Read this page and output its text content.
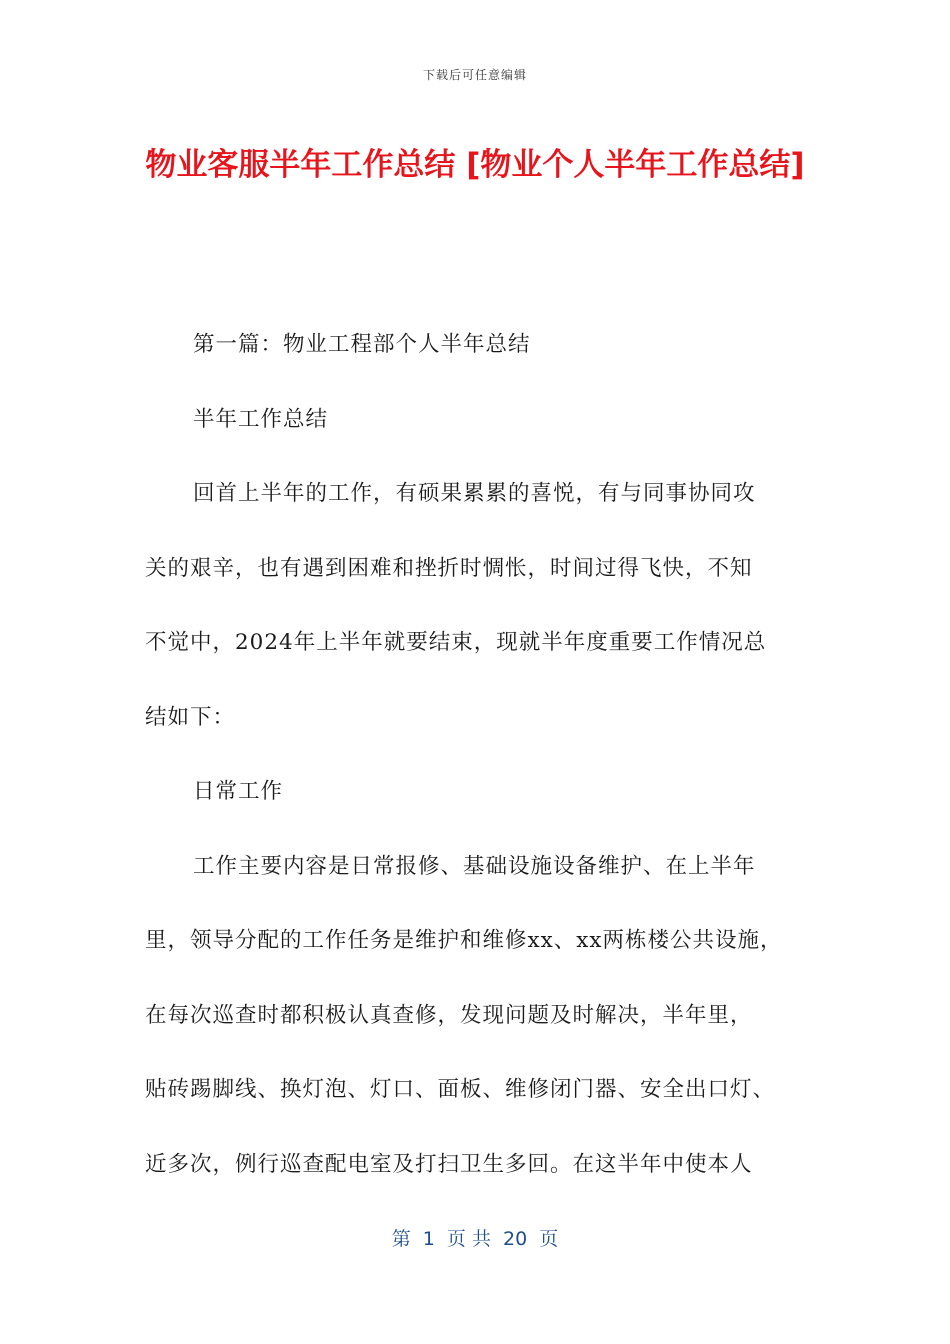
下载后可任意编辑
物业客服半年工作总结 [物业个人半年工作总结]
第一篇：物业工程部个人半年总结
半年工作总结
回首上半年的工作，有硕果累累的喜悦，有与同事协同攻
关的艰辛，也有遇到困难和挫折时惆怅，时间过得飞快，不知
不觉中，2024年上半年就要结束，现就半年度重要工作情况总
结如下：
日常工作
工作主要内容是日常报修、基础设施设备维护、在上半年
里，领导分配的工作任务是维护和维修xx、xx两栋楼公共设施，
在每次巡查时都积极认真查修，发现问题及时解决，半年里，
贴砖踢脚线、换灯泡、灯口、面板、维修闭门器、安全出口灯、
近多次，例行巡查配电室及打扫卫生多回。在这半年中使本人
第  1  页 共  20  页
